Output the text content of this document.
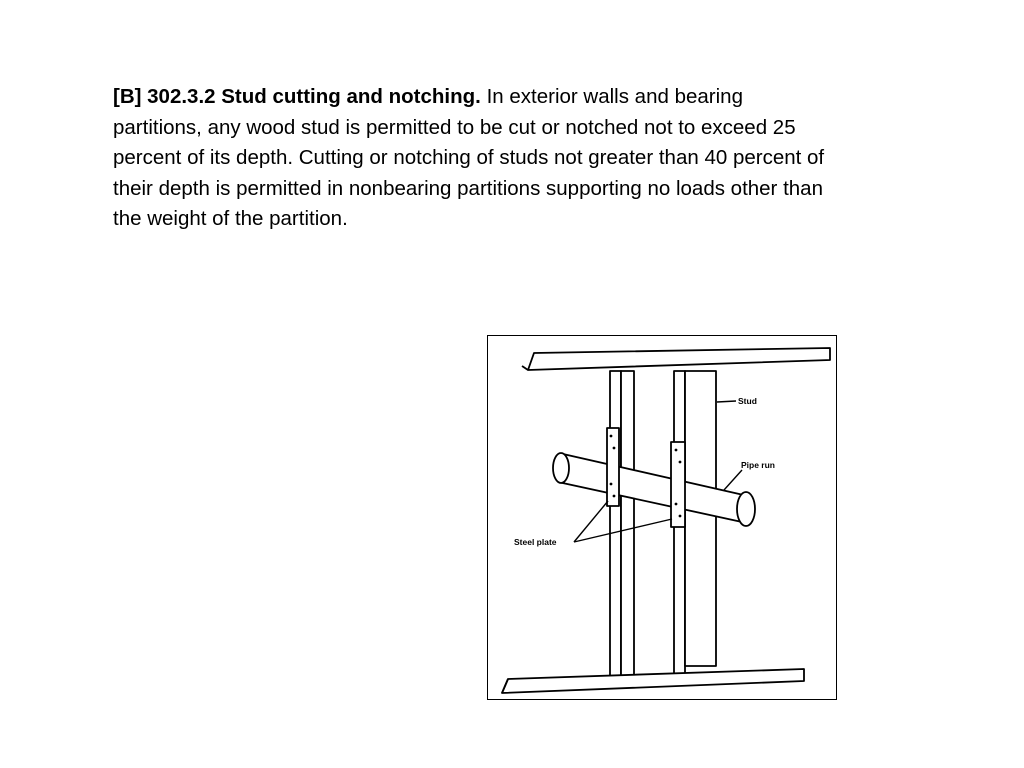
[B] 302.3.2 Stud cutting and notching. In exterior walls and bearing partitions, any wood stud is permitted to be cut or notched not to exceed 25 percent of its depth. Cutting or notching of studs not greater than 40 percent of their depth is permitted in nonbearing partitions supporting no loads other than the weight of the partition.

Stud
Pipe run
Steel plate
